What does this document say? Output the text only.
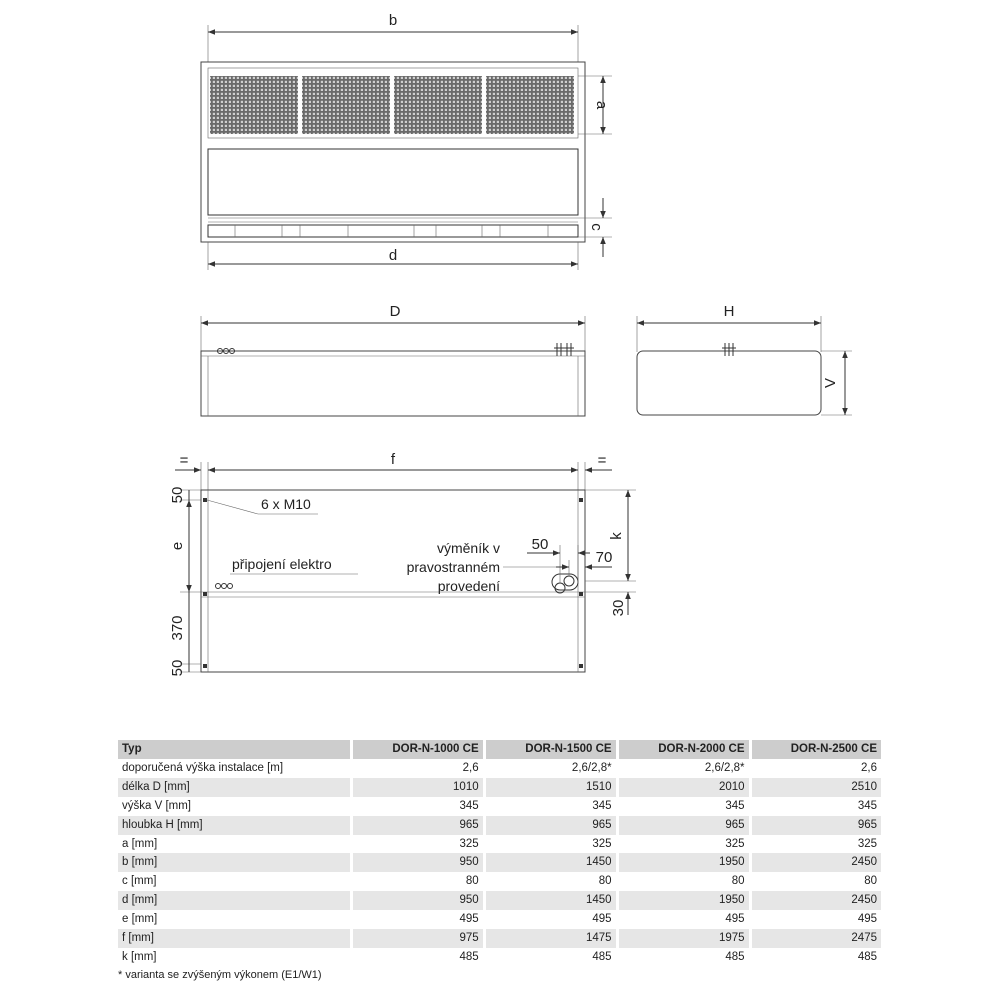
b
a
c
d
D	H
V
f
=	=
50
e
370
50
6 x M10
připojení elektro
výměník v
pravostranném
provedení
50
70
k
30
Typ	DOR-N-1000 CE	DOR-N-1500 CE	DOR-N-2000 CE	DOR-N-2500 CE
doporučená výška instalace [m]	2,6	2,6/2,8*	2,6/2,8*	2,6
délka D [mm]	1010	1510	2010	2510
výška V [mm]	345	345	345	345
hloubka H [mm]	965	965	965	965
a [mm]	325	325	325	325
b [mm]	950	1450	1950	2450
c [mm]	80	80	80	80
d [mm]	950	1450	1950	2450
e [mm]	495	495	495	495
f [mm]	975	1475	1975	2475
k [mm]	485	485	485	485
* varianta se zvýšeným výkonem (E1/W1)
